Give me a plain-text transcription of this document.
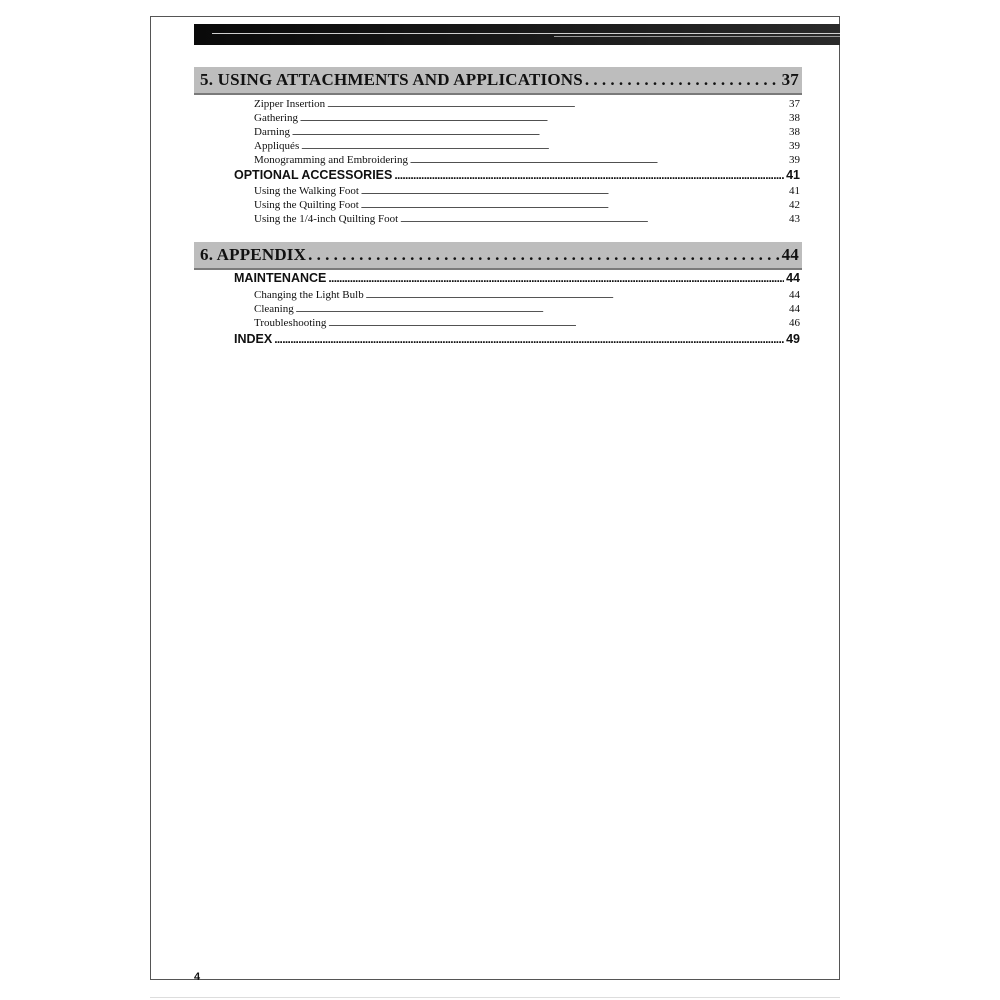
5. USING ATTACHMENTS AND APPLICATIONS . . .	37
Zipper Insertion . . .	37
Gathering . . .	38
Darning . . .	38
Appliqués . . .	39
Monogramming and Embroidering . . .	39
OPTIONAL ACCESSORIES . . .	41
Using the Walking Foot . . .	41
Using the Quilting Foot . . .	42
Using the 1/4-inch Quilting Foot . . .	43
6. APPENDIX . . .	44
MAINTENANCE . . .	44
Changing the Light Bulb . . .	44
Cleaning . . .	44
Troubleshooting . . .	46
INDEX . . .	49
4
